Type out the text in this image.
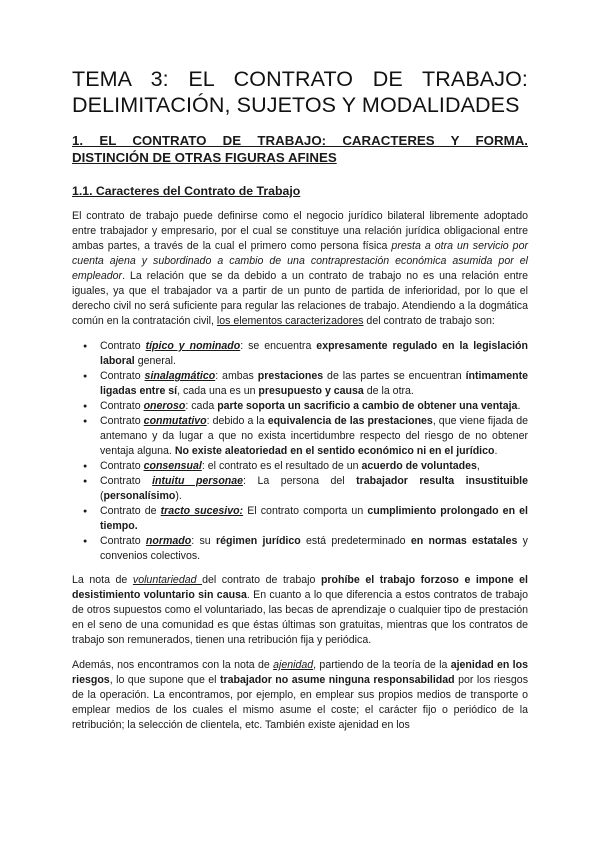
TEMA 3: EL CONTRATO DE TRABAJO:
DELIMITACIÓN, SUJETOS Y MODALIDADES
1. EL CONTRATO DE TRABAJO: CARACTERES Y FORMA.
DISTINCIÓN DE OTRAS FIGURAS AFINES
1.1. Caracteres del Contrato de Trabajo

El contrato de trabajo puede definirse como el negocio jurídico bilateral libremente adoptado entre trabajador y empresario, por el cual se constituye una relación jurídica obligacional entre ambas partes, a través de la cual el primero como persona física presta a otra un servicio por cuenta ajena y subordinado a cambio de una contraprestación económica asumida por el empleador. La relación que se da debido a un contrato de trabajo no es una relación entre iguales, ya que el trabajador va a partir de un punto de partida de inferioridad, por lo que el derecho civil no será suficiente para regular las relaciones de trabajo. Atendiendo a la dogmática común en la contratación civil, los elementos caracterizadores del contrato de trabajo son:

● Contrato típico y nominado: se encuentra expresamente regulado en la legislación laboral general.
● Contrato sinalagmático: ambas prestaciones de las partes se encuentran íntimamente ligadas entre sí, cada una es un presupuesto y causa de la otra.
● Contrato oneroso: cada parte soporta un sacrificio a cambio de obtener una ventaja.
● Contrato conmutativo: debido a la equivalencia de las prestaciones, que viene fijada de antemano y da lugar a que no exista incertidumbre respecto del riesgo de no obtener ventaja alguna. No existe aleatoriedad en el sentido económico ni en el jurídico.
● Contrato consensual: el contrato es el resultado de un acuerdo de voluntades,
● Contrato intuitu personae: La persona del trabajador resulta insustituible (personalísimo).
● Contrato de tracto sucesivo: El contrato comporta un cumplimiento prolongado en el tiempo.
● Contrato normado: su régimen jurídico está predeterminado en normas estatales y convenios colectivos.

La nota de voluntariedad del contrato de trabajo prohíbe el trabajo forzoso e impone el desistimiento voluntario sin causa. En cuanto a lo que diferencia a estos contratos de trabajo de otros supuestos como el voluntariado, las becas de aprendizaje o cualquier tipo de prestación en el seno de una comunidad es que éstas últimas son gratuitas, mientras que los contratos de trabajo son remunerados, tienen una retribución fija y periódica.

Además, nos encontramos con la nota de ajenidad, partiendo de la teoría de la ajenidad en los riesgos, lo que supone que el trabajador no asume ninguna responsabilidad por los riesgos de la operación. La encontramos, por ejemplo, en emplear sus propios medios de transporte o emplear medios de los cuales el mismo asume el coste; el carácter fijo o periódico de la retribución; la selección de clientela, etc. También existe ajenidad en los
